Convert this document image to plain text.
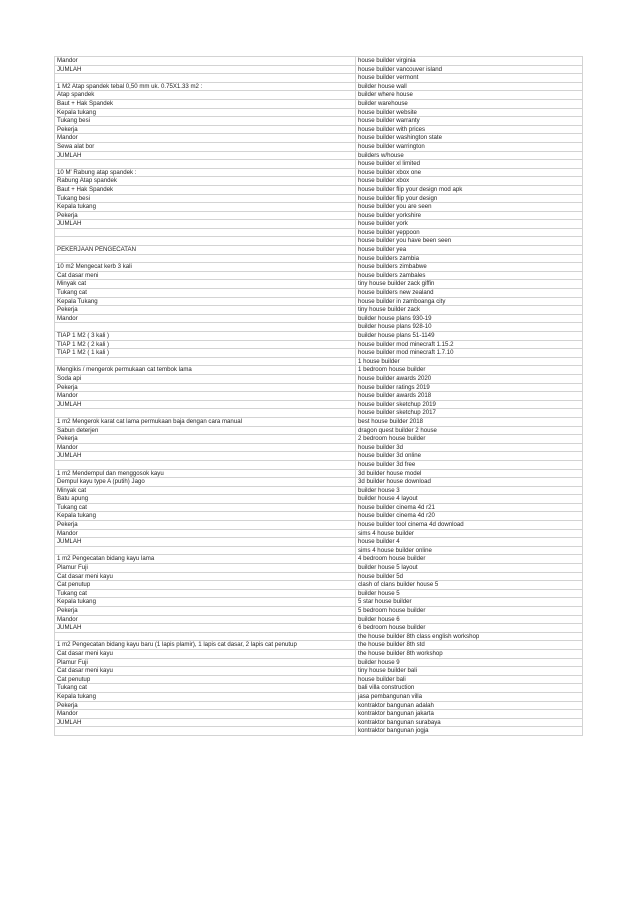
Mandor	house builder virginia
JUMLAH	house builder vancouver island
	house builder vermont
1 M2 Atap spandek tebal 0,50 mm uk. 0.75X1.33 m2 :	builder house wall
Atap spandek	builder where house
Baut + Hak Spandek	builder warehouse
Kepala tukang	house builder website
Tukang besi	house builder warranty
Pekerja	house builder with prices
Mandor	house builder washington state
Sewa alat bor	house builder warrington
JUMLAH	builders w/house
	house builder xl limited
10 M' Rabung atap spandek :	house builder xbox one
Rabung Atap spandek	house builder xbox
Baut + Hak Spandek	house builder flip your design mod apk
Tukang besi	house builder flip your design
Kepala tukang	house builder you are seen
Pekerja	house builder yorkshire
JUMLAH	house builder york
	house builder yeppoon
	house builder you have been seen
PEKERJAAN PENGECATAN	house builder yea
	house builders zambia
10 m2 Mengecat kerb 3 kali	house builders zimbabwe
Cat dasar meni	house builders zambales
Minyak cat	tiny house builder zack giffin
Tukang cat	house builders new zealand
Kepala Tukang	house builder in zamboanga city
Pekerja	tiny house builder zack
Mandor	builder house plans 930-19
	builder house plans 928-10
TIAP 1 M2 ( 3 kali )	builder house plans 51-1149
TIAP 1 M2 ( 2 kali )	house builder mod minecraft 1.15.2
TIAP 1 M2 ( 1 kali )	house builder mod minecraft 1.7.10
	1 house builder
Mengikis / mengerok permukaan cat tembok lama	1 bedroom house builder
Soda api	house builder awards 2020
Pekerja	house builder ratings 2019
Mandor	house builder awards 2018
JUMLAH	house builder sketchup 2019
	house builder sketchup 2017
1 m2 Mengerok karat cat lama permukaan baja dengan cara manual	best house builder 2018
Sabun deterjen	dragon quest builder 2 house
Pekerja	2 bedroom house builder
Mandor	house builder 3d
JUMLAH	house builder 3d online
	house builder 3d free
1 m2 Mendempul dan menggosok kayu	3d builder house model
Dempul kayu type A (putih) Jago	3d builder house download
Minyak cat	builder house 3
Batu apung	builder house 4 layout
Tukang cat	house builder cinema 4d r21
Kepala tukang	house builder cinema 4d r20
Pekerja	house builder tool cinema 4d download
Mandor	sims 4 house builder
JUMLAH	house builder 4
	sims 4 house builder online
1 m2 Pengecatan bidang kayu lama	4 bedroom house builder
Plamur Fuji	builder house 5 layout
Cat dasar meni kayu	house builder 5d
Cat penutup	clash of clans builder house 5
Tukang cat	builder house 5
Kepala tukang	5 star house builder
Pekerja	5 bedroom house builder
Mandor	builder house 6
JUMLAH	6 bedroom house builder
	the house builder 8th class english workshop
1 m2 Pengecatan bidang kayu baru (1 lapis plamir), 1 lapis cat dasar, 2 lapis cat penutup	the house builder 8th std
Cat dasar meni kayu	the house builder 8th workshop
Plamur Fuji	builder house 9
Cat dasar meni kayu	tiny house builder bali
Cat penutup	house builder bali
Tukang cat	bali villa construction
Kepala tukang	jasa pembangunan villa
Pekerja	kontraktor bangunan adalah
Mandor	kontraktor bangunan jakarta
JUMLAH	kontraktor bangunan surabaya
	kontraktor bangunan jogja
